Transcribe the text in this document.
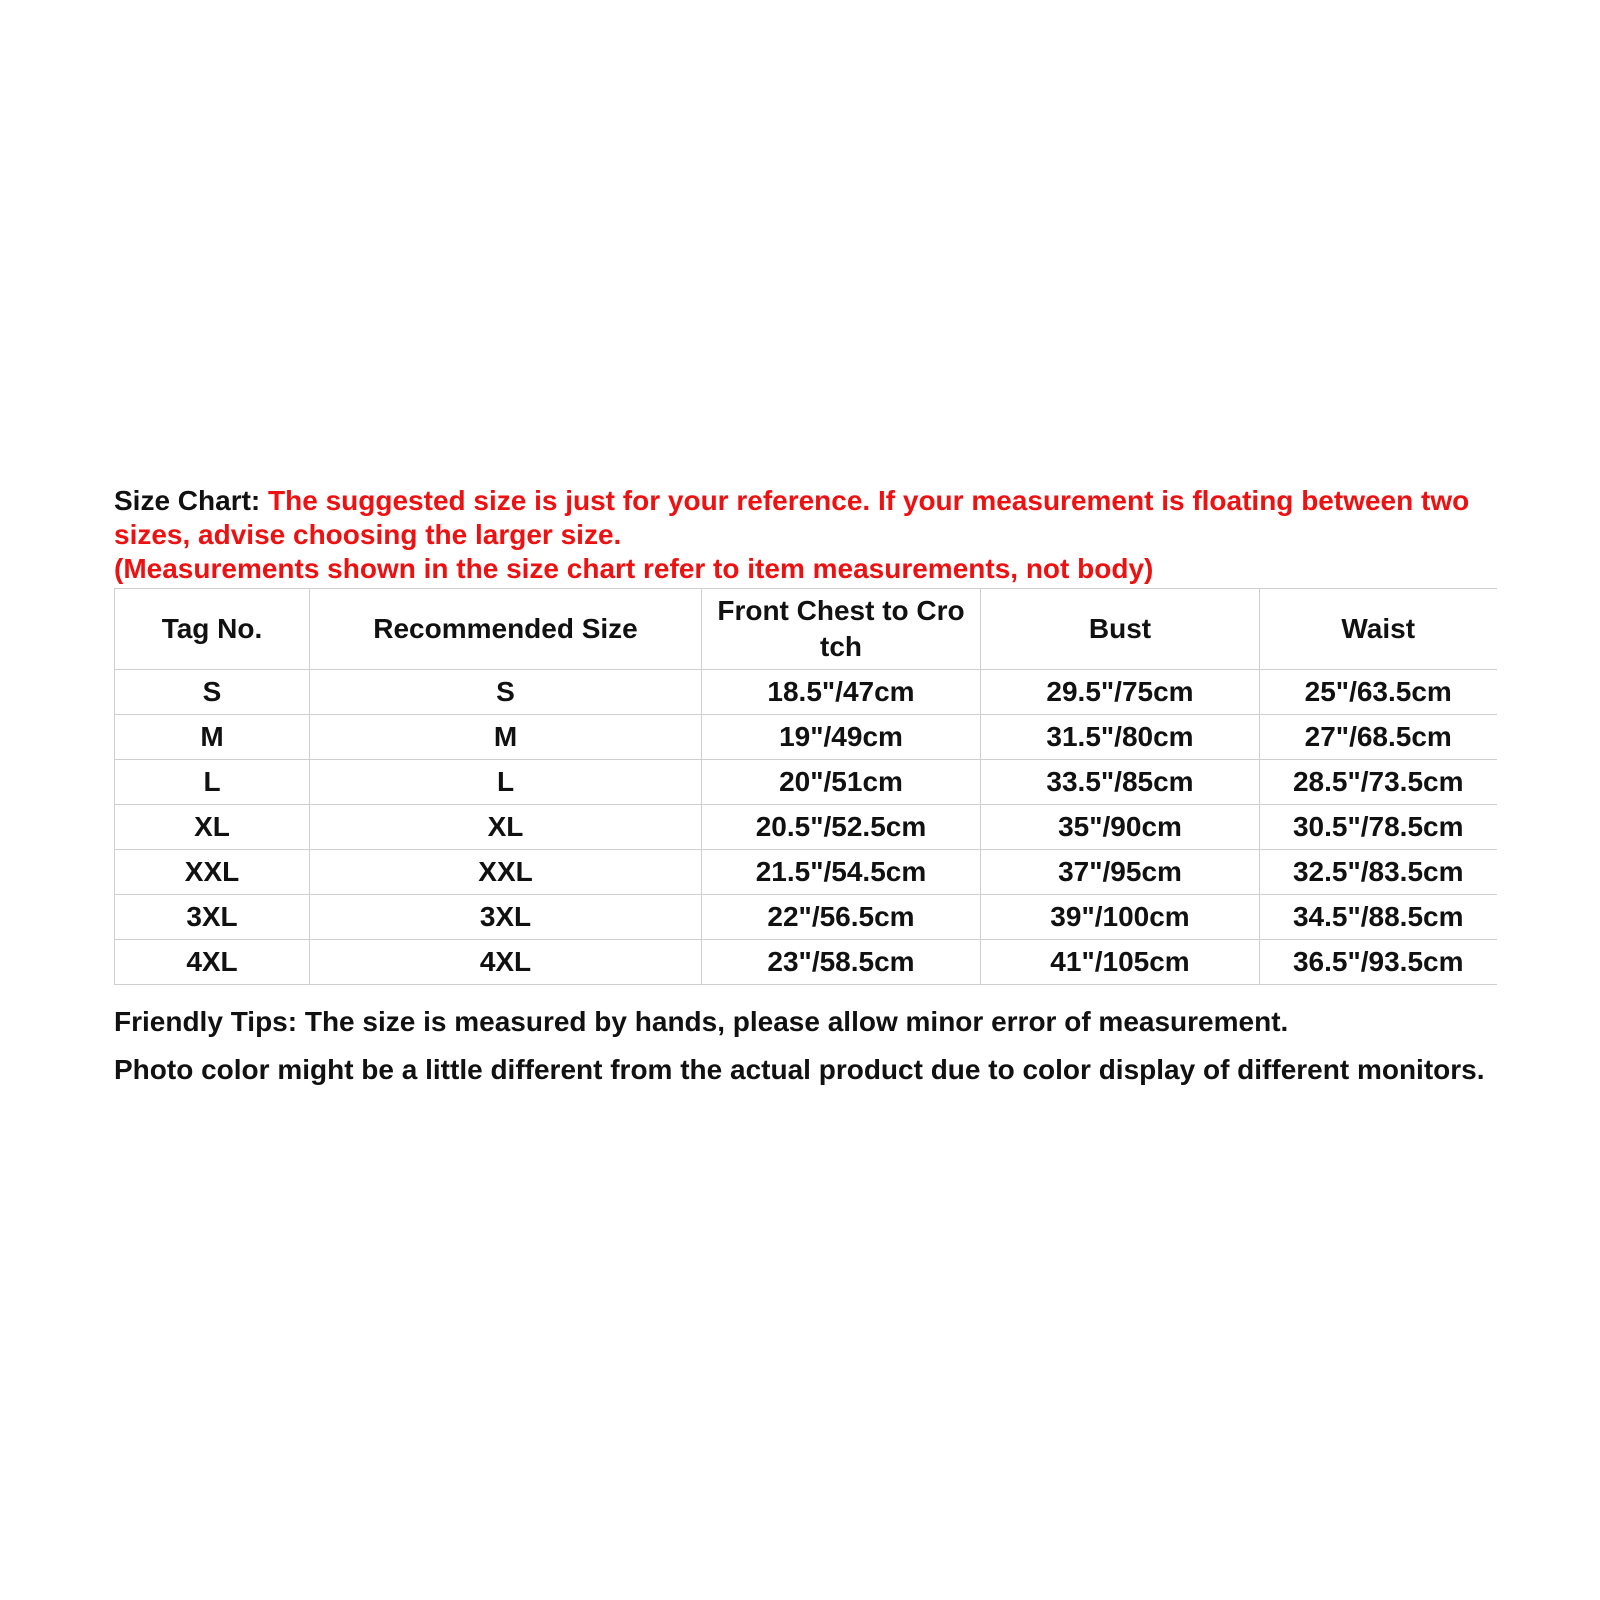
Size Chart: The suggested size is just for your reference. If your measurement is floating between two sizes, advise choosing the larger size.
(Measurements shown in the size chart refer to item measurements, not body)
Tag No.	Recommended Size	Front Chest to Cro tch	Bust	Waist
S	S	18.5"/47cm	29.5"/75cm	25"/63.5cm
M	M	19"/49cm	31.5"/80cm	27"/68.5cm
L	L	20"/51cm	33.5"/85cm	28.5"/73.5cm
XL	XL	20.5"/52.5cm	35"/90cm	30.5"/78.5cm
XXL	XXL	21.5"/54.5cm	37"/95cm	32.5"/83.5cm
3XL	3XL	22"/56.5cm	39"/100cm	34.5"/88.5cm
4XL	4XL	23"/58.5cm	41"/105cm	36.5"/93.5cm

Friendly Tips: The size is measured by hands, please allow minor error of measurement.

Photo color might be a little different from the actual product due to color display of different monitors.
